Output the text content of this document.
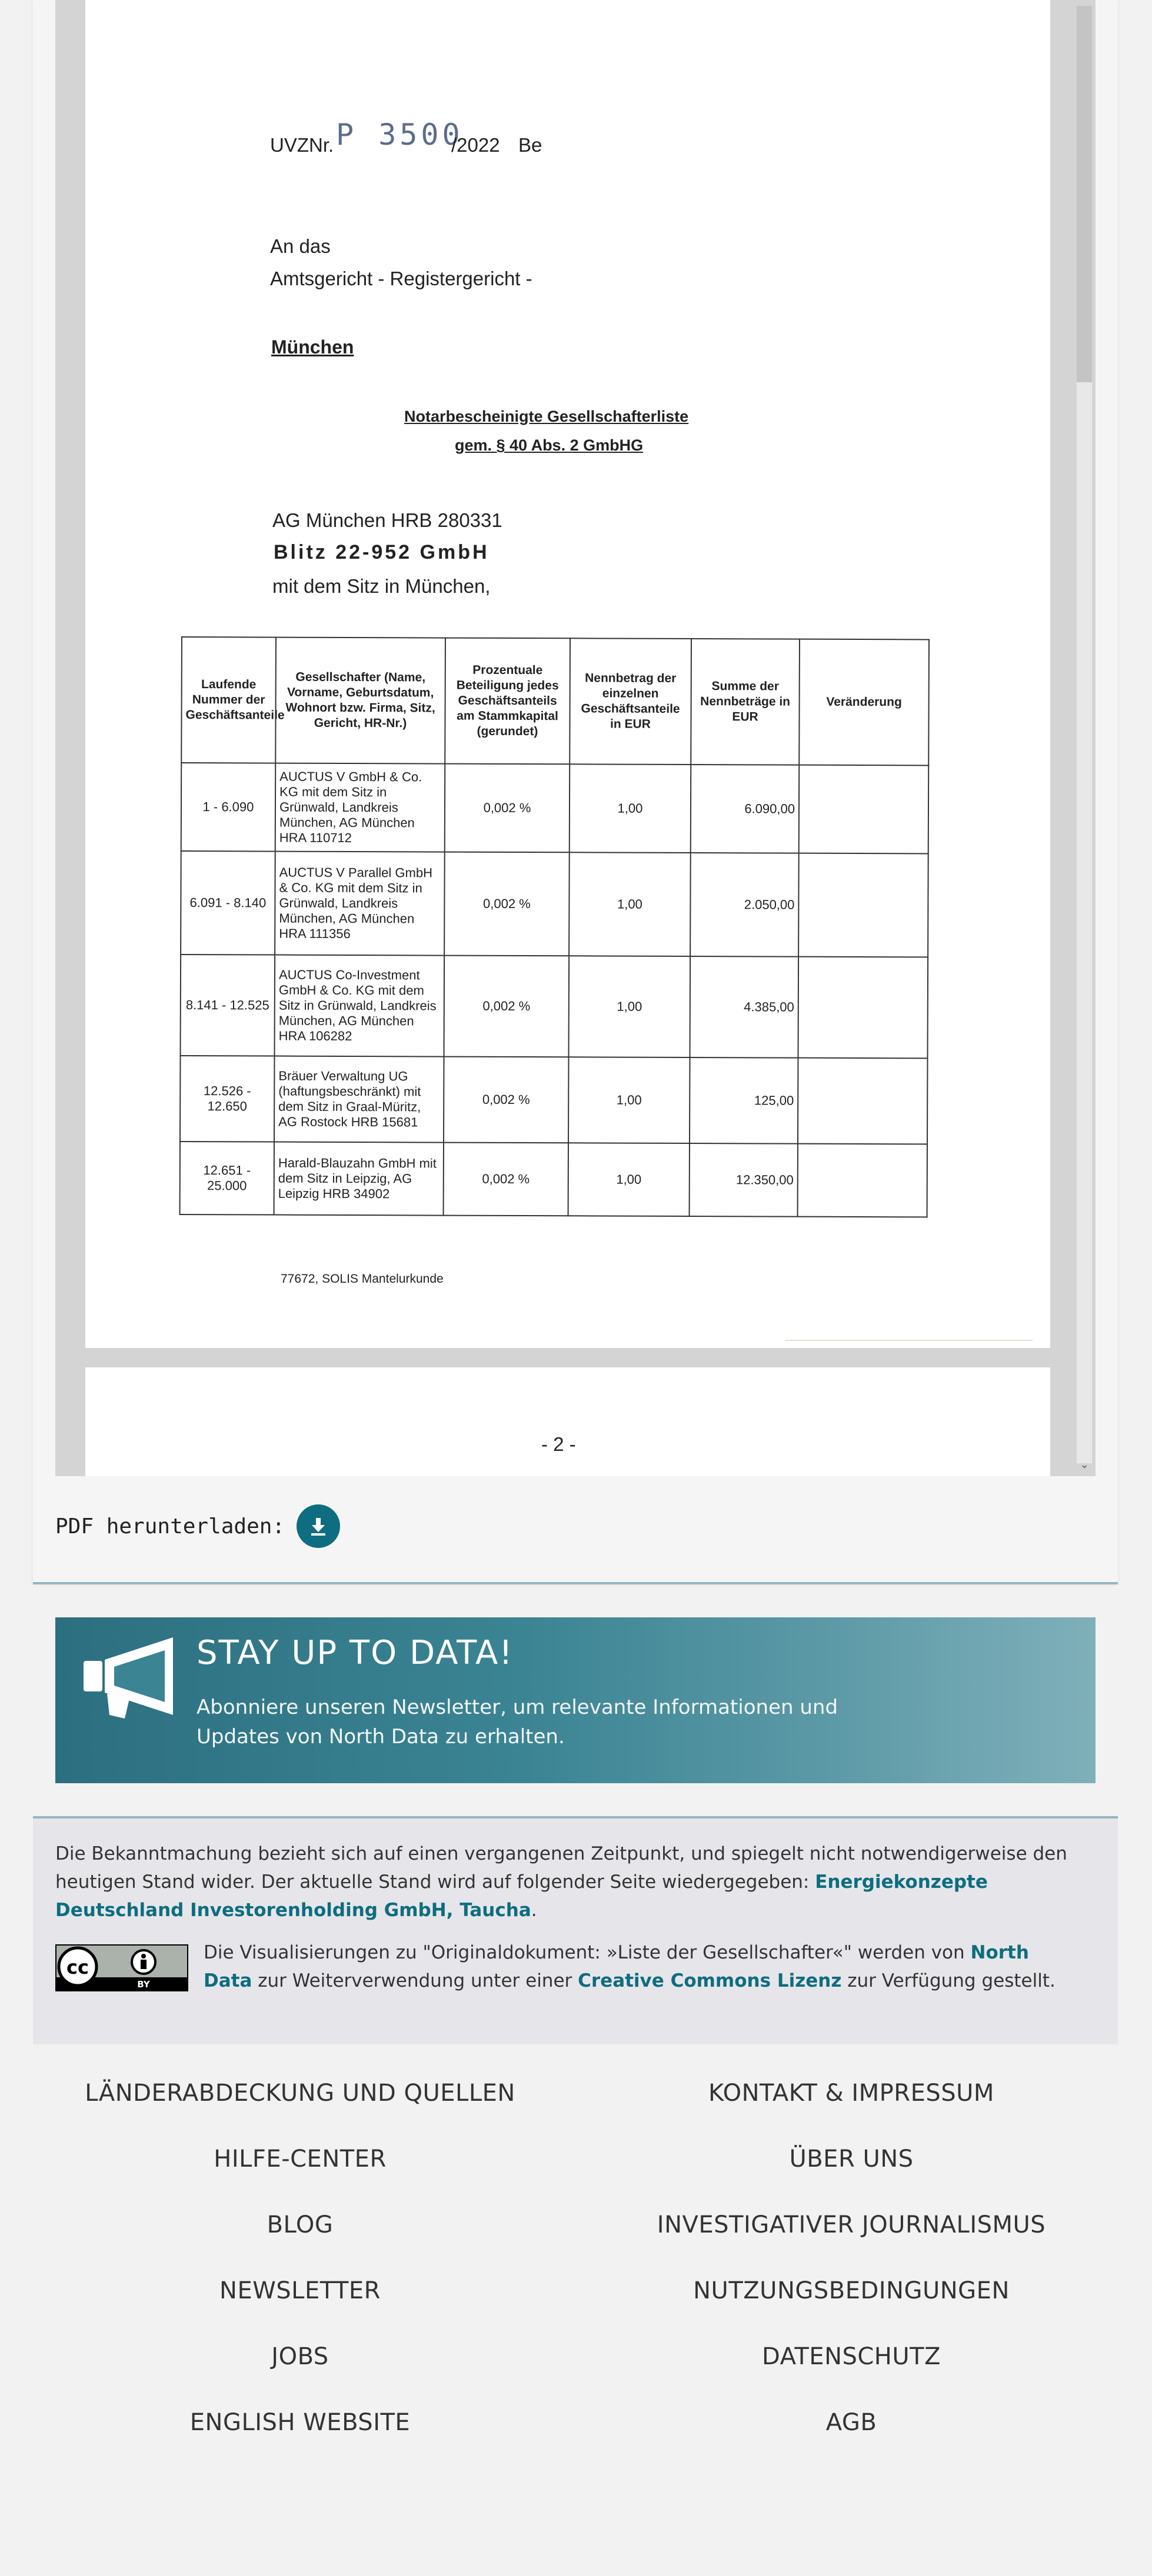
UVZNr. P 3500
/2022 Be
An das
Amtsgericht - Registergericht -
München
Notarbescheinigte Gesellschafterliste
gem. § 40 Abs. 2 GmbHG
AG München HRB 280331
Blitz 22-952 GmbH
mit dem Sitz in München,
Laufende Nummer der Geschäftsanteile	Gesellschafter (Name, Vorname, Geburtsdatum, Wohnort bzw. Firma, Sitz, Gericht, HR-Nr.)	Prozentuale Beteiligung jedes Geschäftsanteils am Stammkapital (gerundet)	Nennbetrag der einzelnen Geschäftsanteile in EUR	Summe der Nennbeträge in EUR	Veränderung
1 - 6.090	AUCTUS V GmbH & Co. KG mit dem Sitz in Grünwald, Landkreis München, AG München HRA 110712	0,002 %	1,00	6.090,00	
6.091 - 8.140	AUCTUS V Parallel GmbH & Co. KG mit dem Sitz in Grünwald, Landkreis München, AG München HRA 111356	0,002 %	1,00	2.050,00	
8.141 - 12.525	AUCTUS Co-Investment GmbH & Co. KG mit dem Sitz in Grünwald, Landkreis München, AG München HRA 106282	0,002 %	1,00	4.385,00	
12.526 - 12.650	Bräuer Verwaltung UG (haftungsbeschränkt) mit dem Sitz in Graal-Müritz, AG Rostock HRB 15681	0,002 %	1,00	125,00	
12.651 - 25.000	Harald-Blauzahn GmbH mit dem Sitz in Leipzig, AG Leipzig HRB 34902	0,002 %	1,00	12.350,00	
77672, SOLIS Mantelurkunde
- 2 -
⌄
PDF herunterladen:
STAY UP TO DATA!
Abonniere unseren Newsletter, um relevante Informationen und Updates von North Data zu erhalten.
Die Bekanntmachung bezieht sich auf einen vergangenen Zeitpunkt, und spiegelt nicht notwendigerweise den heutigen Stand wider. Der aktuelle Stand wird auf folgender Seite wiedergegeben: Energiekonzepte Deutschland Investorenholding GmbH, Taucha.
cc
BY
Die Visualisierungen zu "Originaldokument: »Liste der Gesellschafter«" werden von North Data zur Weiterverwendung unter einer Creative Commons Lizenz zur Verfügung gestellt.
LÄNDERABDECKUNG UND QUELLEN
HILFE-CENTER
BLOG
NEWSLETTER
JOBS
ENGLISH WEBSITE
KONTAKT & IMPRESSUM
ÜBER UNS
INVESTIGATIVER JOURNALISMUS
NUTZUNGSBEDINGUNGEN
DATENSCHUTZ
AGB
